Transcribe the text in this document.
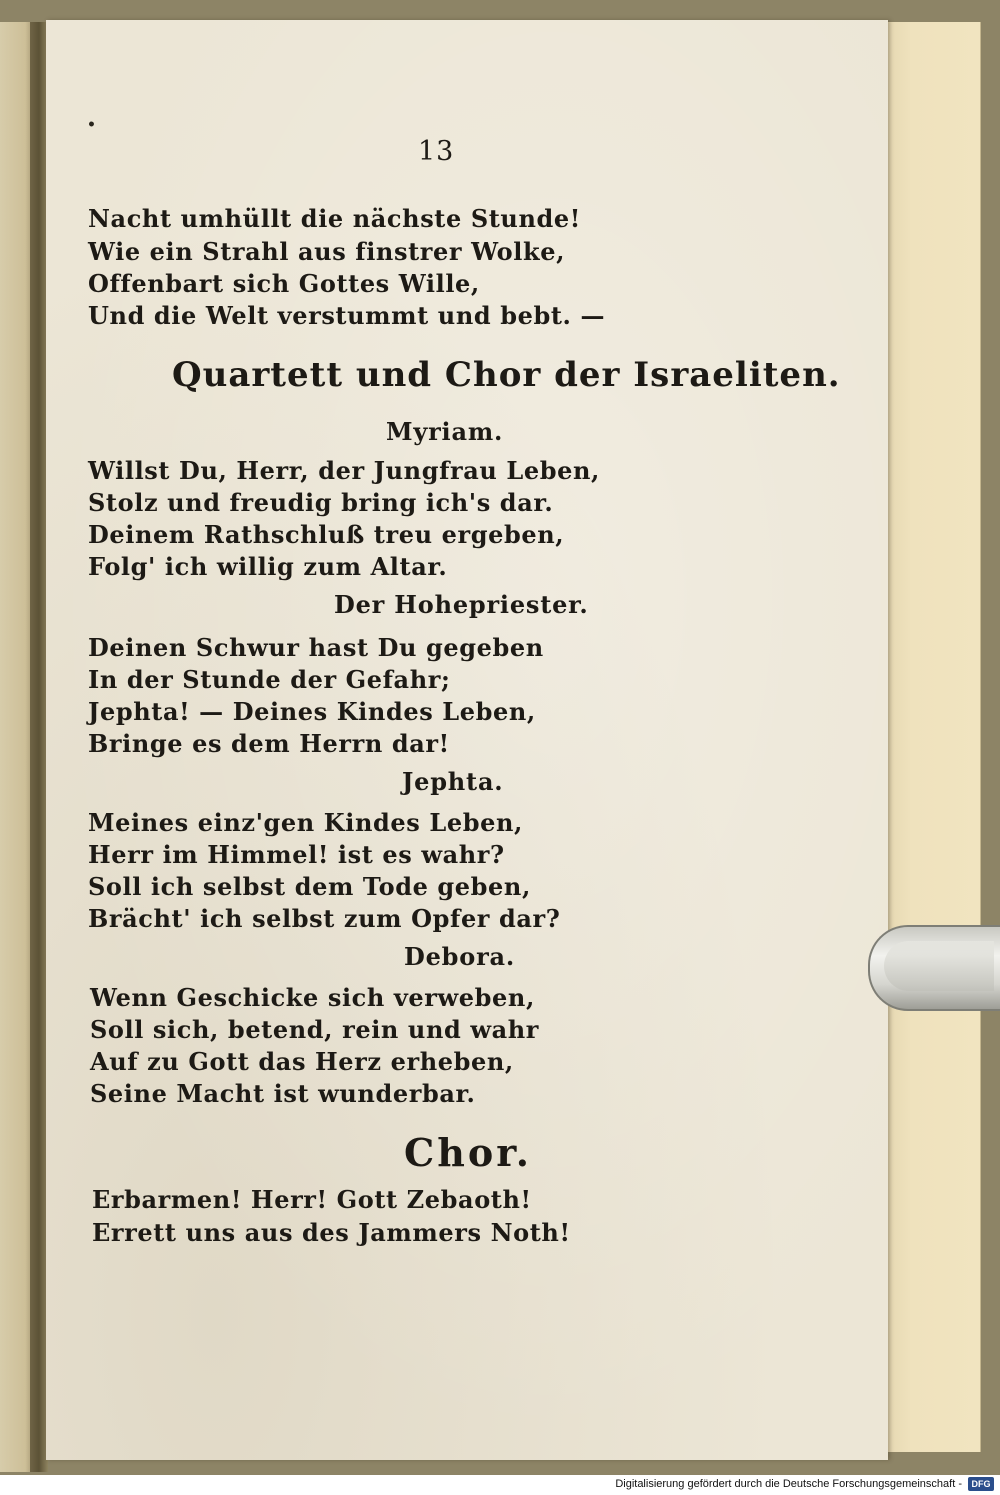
•
13
Nacht umhüllt die nächste Stunde!
Wie ein Strahl aus finstrer Wolke,
Offenbart sich Gottes Wille,
Und die Welt verstummt und bebt. —
Quartett und Chor der Israeliten.
Myriam.
Willst Du, Herr, der Jungfrau Leben,
Stolz und freudig bring ich's dar.
Deinem Rathschluß treu ergeben,
Folg' ich willig zum Altar.
Der Hohepriester.
Deinen Schwur hast Du gegeben
In der Stunde der Gefahr;
Jephta! — Deines Kindes Leben,
Bringe es dem Herrn dar!
Jephta.
Meines einz'gen Kindes Leben,
Herr im Himmel! ist es wahr?
Soll ich selbst dem Tode geben,
Brächt' ich selbst zum Opfer dar?
Debora.
Wenn Geschicke sich verweben,
Soll sich, betend, rein und wahr
Auf zu Gott das Herz erheben,
Seine Macht ist wunderbar.
Chor.
Erbarmen! Herr! Gott Zebaoth!
Errett uns aus des Jammers Noth!
Digitalisierung gefördert durch die Deutsche Forschungsgemeinschaft -	DFG
